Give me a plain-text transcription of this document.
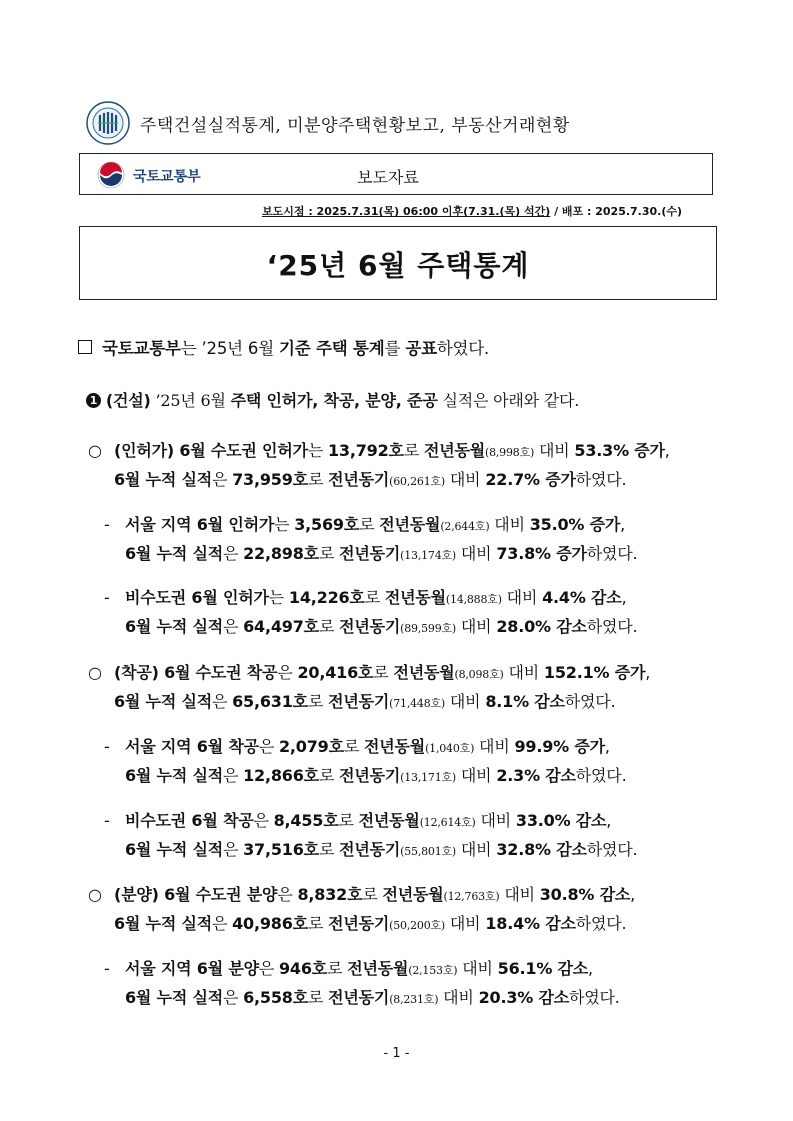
주택건설실적통계, 미분양주택현황보고, 부동산거래현황
국토교통부	보도자료
보도시점 : 2025.7.31(목) 06:00 이후(7.31.(목) 석간) / 배포 : 2025.7.30.(수)
‘25년 6월 주택통계
국토교통부는 ’25년 6월 기준 주택 통계를 공표하였다.
1 (건설) ’25년 6월 주택 인허가, 착공, 분양, 준공 실적은 아래와 같다.
○ (인허가) 6월 수도권 인허가는 13,792호로 전년동월(8,998호) 대비 53.3% 증가,
6월 누적 실적은 73,959호로 전년동기(60,261호) 대비 22.7% 증가하였다.
- 서울 지역 6월 인허가는 3,569호로 전년동월(2,644호) 대비 35.0% 증가,
6월 누적 실적은 22,898호로 전년동기(13,174호) 대비 73.8% 증가하였다.
- 비수도권 6월 인허가는 14,226호로 전년동월(14,888호) 대비 4.4% 감소,
6월 누적 실적은 64,497호로 전년동기(89,599호) 대비 28.0% 감소하였다.
○ (착공) 6월 수도권 착공은 20,416호로 전년동월(8,098호) 대비 152.1% 증가,
6월 누적 실적은 65,631호로 전년동기(71,448호) 대비 8.1% 감소하였다.
- 서울 지역 6월 착공은 2,079호로 전년동월(1,040호) 대비 99.9% 증가,
6월 누적 실적은 12,866호로 전년동기(13,171호) 대비 2.3% 감소하였다.
- 비수도권 6월 착공은 8,455호로 전년동월(12,614호) 대비 33.0% 감소,
6월 누적 실적은 37,516호로 전년동기(55,801호) 대비 32.8% 감소하였다.
○ (분양) 6월 수도권 분양은 8,832호로 전년동월(12,763호) 대비 30.8% 감소,
6월 누적 실적은 40,986호로 전년동기(50,200호) 대비 18.4% 감소하였다.
- 서울 지역 6월 분양은 946호로 전년동월(2,153호) 대비 56.1% 감소,
6월 누적 실적은 6,558호로 전년동기(8,231호) 대비 20.3% 감소하였다.
- 1 -
